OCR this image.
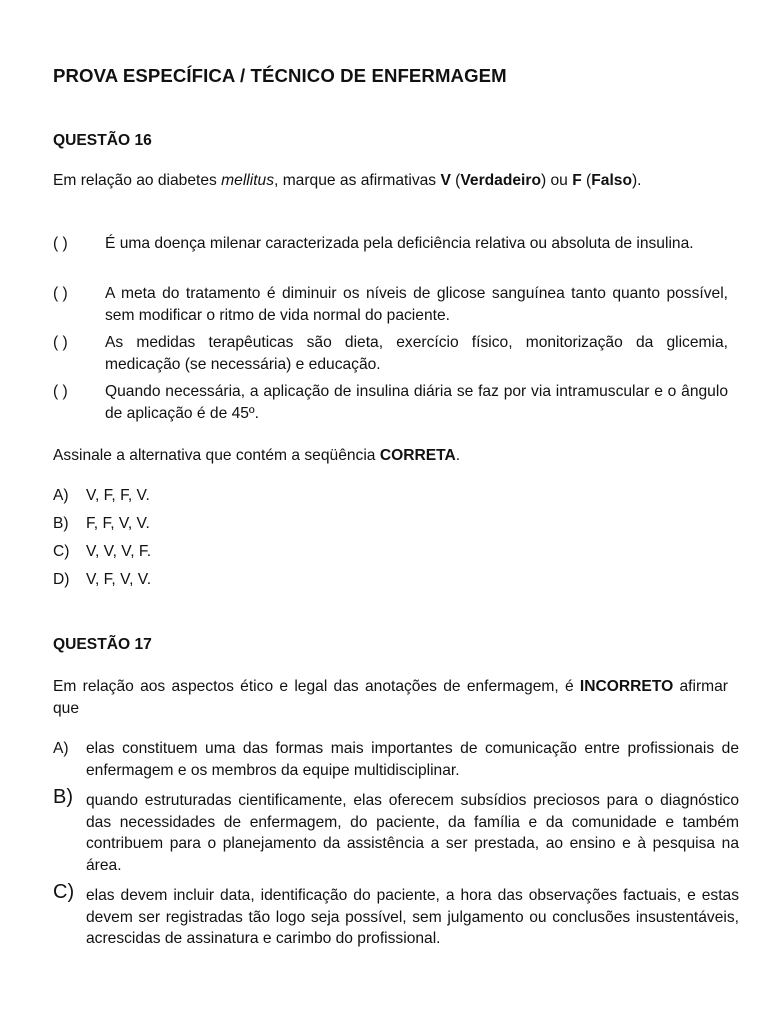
PROVA ESPECÍFICA / TÉCNICO DE ENFERMAGEM
QUESTÃO 16
Em relação ao diabetes mellitus, marque as afirmativas V (Verdadeiro) ou F (Falso).
( ) É uma doença milenar caracterizada pela deficiência relativa ou absoluta de insulina.
( ) A meta do tratamento é diminuir os níveis de glicose sanguínea tanto quanto possível, sem modificar o ritmo de vida normal do paciente.
( ) As medidas terapêuticas são dieta, exercício físico, monitorização da glicemia, medicação (se necessária) e educação.
( ) Quando necessária, a aplicação de insulina diária se faz por via intramuscular e o ângulo de aplicação é de 45º.
Assinale a alternativa que contém a seqüência CORRETA.
A) V, F, F, V.
B) F, F, V, V.
C) V, V, V, F.
D) V, F, V, V.
QUESTÃO 17
Em relação aos aspectos ético e legal das anotações de enfermagem, é INCORRETO afirmar que
A) elas constituem uma das formas mais importantes de comunicação entre profissionais de enfermagem e os membros da equipe multidisciplinar.
B) quando estruturadas cientificamente, elas oferecem subsídios preciosos para o diagnóstico das necessidades de enfermagem, do paciente, da família e da comunidade e também contribuem para o planejamento da assistência a ser prestada, ao ensino e à pesquisa na área.
C) elas devem incluir data, identificação do paciente, a hora das observações factuais, e estas devem ser registradas tão logo seja possível, sem julgamento ou conclusões insustentáveis, acrescidas de assinatura e carimbo do profissional.
